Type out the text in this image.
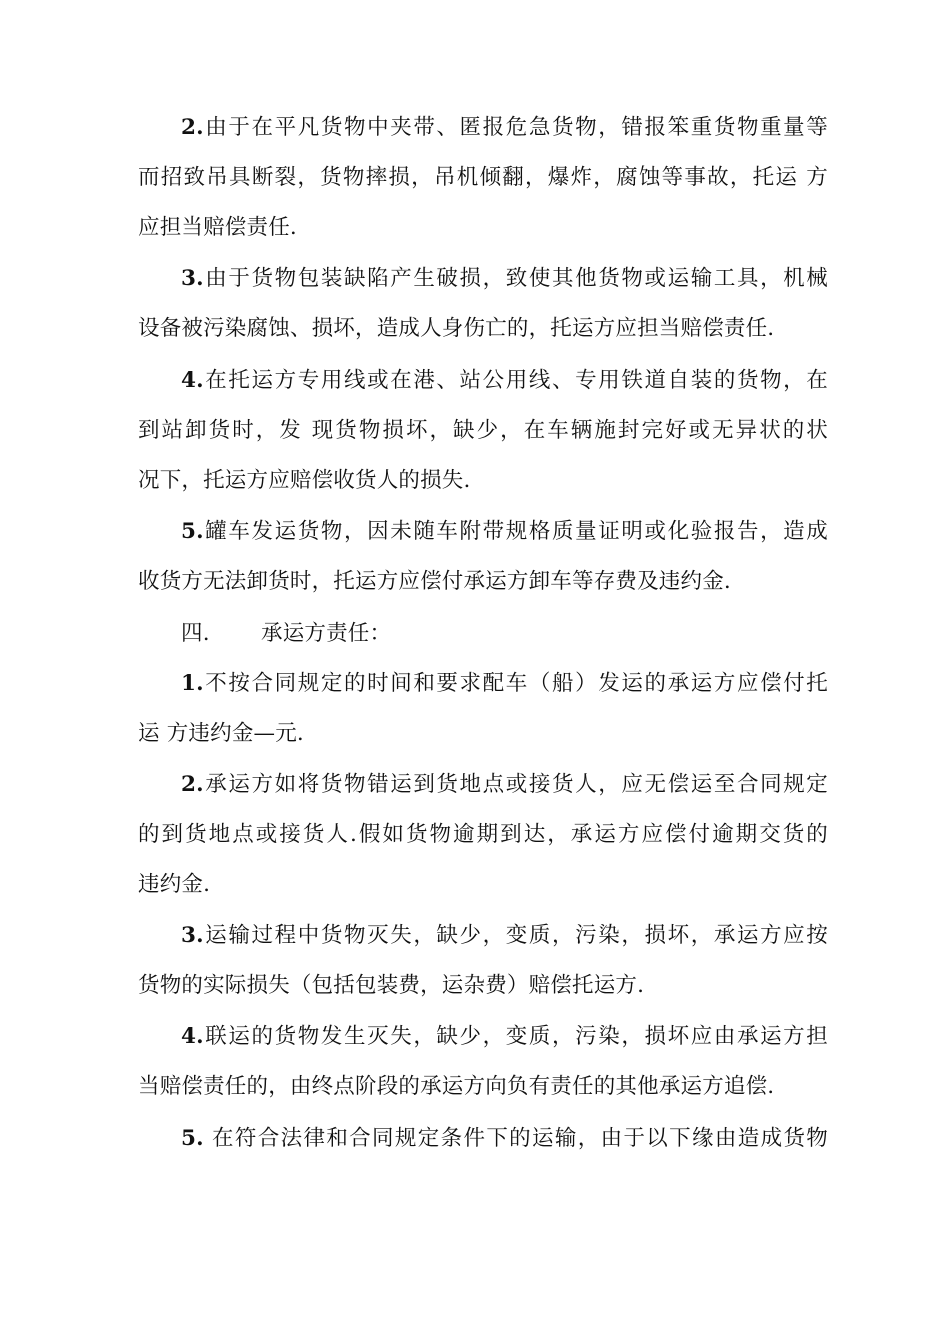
2.由于在平凡货物中夹带、匿报危急货物，错报笨重货物重量等
而招致吊具断裂，货物摔损，吊机倾翻，爆炸，腐蚀等事故，托运 方
应担当赔偿责任.
3.由于货物包装缺陷产生破损，致使其他货物或运输工具，机械
设备被污染腐蚀、损坏，造成人身伤亡的，托运方应担当赔偿责任.
4.在托运方专用线或在港、站公用线、专用铁道自装的货物，在
到站卸货时，发 现货物损坏，缺少，在车辆施封完好或无异状的状
况下，托运方应赔偿收货人的损失.
5.罐车发运货物，因未随车附带规格质量证明或化验报告，造成
收货方无法卸货时，托运方应偿付承运方卸车等存费及违约金.
四. 承运方责任：
1.不按合同规定的时间和要求配车（船）发运的承运方应偿付托
运 方违约金—元.
2.承运方如将货物错运到货地点或接货人，应无偿运至合同规定
的到货地点或接货人.假如货物逾期到达，承运方应偿付逾期交货的
违约金.
3.运输过程中货物灭失，缺少，变质，污染，损坏，承运方应按
货物的实际损失（包括包装费，运杂费）赔偿托运方.
4.联运的货物发生灭失，缺少，变质，污染，损坏应由承运方担
当赔偿责任的，由终点阶段的承运方向负有责任的其他承运方追偿.
5. 在符合法律和合同规定条件下的运输，由于以下缘由造成货物
